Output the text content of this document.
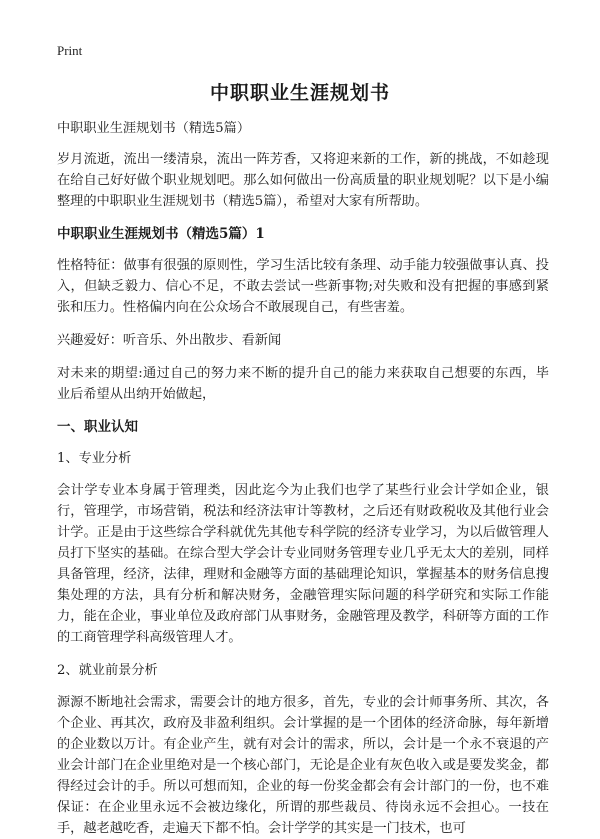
Print
中职职业生涯规划书

中职职业生涯规划书（精选5篇）

岁月流逝，流出一缕清泉，流出一阵芳香，又将迎来新的工作，新的挑战，不如趁现在给自己好好做个职业规划吧。那么如何做出一份高质量的职业规划呢？以下是小编整理的中职职业生涯规划书（精选5篇），希望对大家有所帮助。

中职职业生涯规划书（精选5篇）1

性格特征：做事有很强的原则性，学习生活比较有条理、动手能力较强做事认真、投入，但缺乏毅力、信心不足，不敢去尝试一些新事物;对失败和没有把握的事感到紧张和压力。性格偏内向在公众场合不敢展现自己，有些害羞。

兴趣爱好：听音乐、外出散步、看新闻

对未来的期望:通过自己的努力来不断的提升自己的能力来获取自己想要的东西，毕业后希望从出纳开始做起，

一、职业认知

1、专业分析

会计学专业本身属于管理类，因此迄今为止我们也学了某些行业会计学如企业，银行，管理学，市场营销，税法和经济法审计等教材，之后还有财政税收及其他行业会计学。正是由于这些综合学科就优先其他专科学院的经济专业学习，为以后做管理人员打下坚实的基础。在综合型大学会计专业同财务管理专业几乎无太大的差别，同样具备管理，经济，法律，理财和金融等方面的基础理论知识，掌握基本的财务信息搜集处理的方法，具有分析和解决财务，金融管理实际问题的科学研究和实际工作能力，能在企业，事业单位及政府部门从事财务，金融管理及教学，科研等方面的工作的工商管理学科高级管理人才。

2、就业前景分析

源源不断地社会需求，需要会计的地方很多，首先，专业的会计师事务所、其次，各个企业、再其次，政府及非盈利组织。会计掌握的是一个团体的经济命脉，每年新增的企业数以万计。有企业产生，就有对会计的需求，所以，会计是一个永不衰退的产业会计部门在企业里绝对是一个核心部门，无论是企业有灰色收入或是要发奖金，都得经过会计的手。所以可想而知，企业的每一份奖金都会有会计部门的一份，也不难保证：在企业里永远不会被边缘化，所谓的那些裁员、待岗永远不会担心。一技在手，越老越吃香，走遍天下都不怕。会计学学的其实是一门技术，也可
